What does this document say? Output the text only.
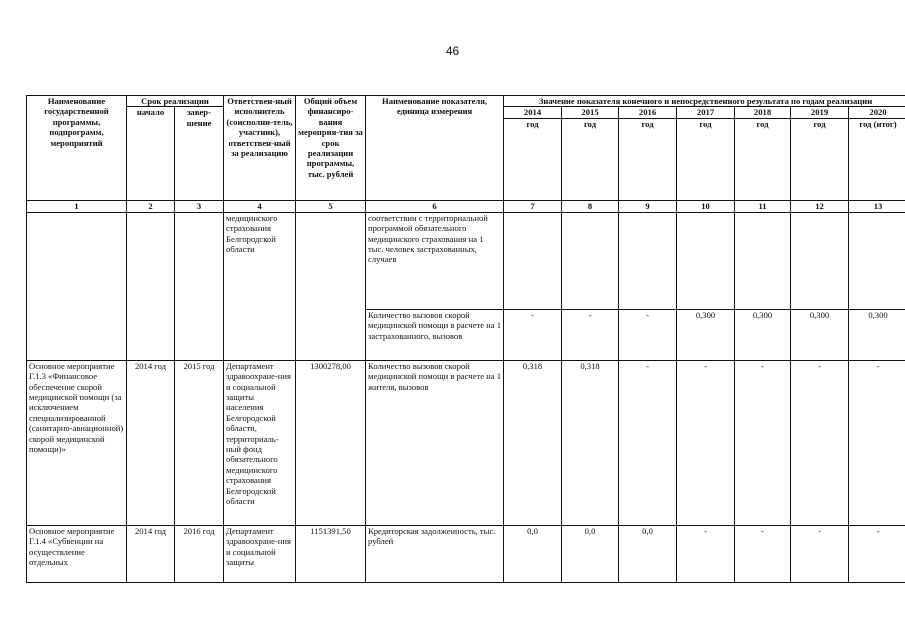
46
Наименование государственной программы, подпрограмм, мероприятий	Срок реализации		Ответствен-ный исполнитель (соисполни-тель, участник), ответствен-ный за реализацию	Общий объем финансиро-вания мероприя-тия за срок реализации программы, тыс. рублей	Наименование показателя, единица измерения	Значение показателя конечного и непосредственного результата по годам реализации						
	начало	завер-шение				2014	2015	2016	2017	2018	2019	2020
						год	год	год	год	год	год	год (итог)
1	2	3	4	5	6	7	8	9	10	11	12	13
			медицинского страхования Белгородской области		соответствии с территориальной программой обязательного медицинского страхования на 1 тыс. человек застрахованных, случаев							
					Количество вызовов скорой медицинской помощи в расчете на 1 застрахованного, вызовов	-	-	-	0,300	0,300	0,300	0,300
Основное мероприятие Г.1.3 «Финансовое обеспечение скорой медицинской помощи (за исключением специализированной (санитарно-авиационной) скорой медицинской помощи)»	2014 год	2015 год	Департамент здравоохране-ния и социальной защиты населения Белгородской области, территориаль-ный фонд обязательного медицинского страхования Белгородской области	1300278,00	Количество вызовов скорой медицинской помощи в расчете на 1 жителя, вызовов	0,318	0,318	-	-	-	-	-
Основное мероприятие Г.1.4 «Субвенции на осуществление отдельных	2014 год	2016 год	Департамент здравоохране-ния и социальной защиты	1151391,50	Кредиторская задолженность, тыс. рублей	0,0	0,0	0,0	-	-	-	-
